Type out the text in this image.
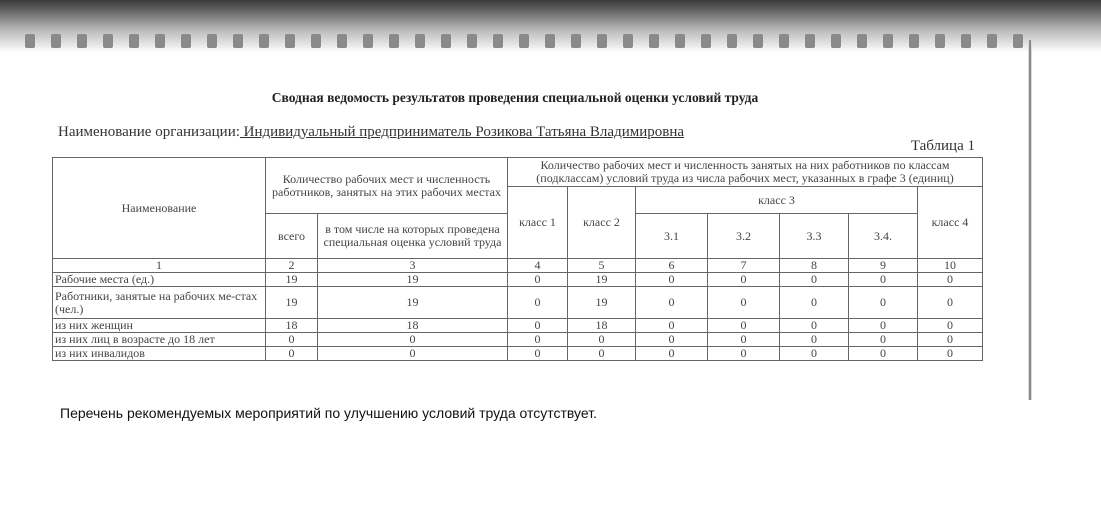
Сводная ведомость результатов проведения специальной оценки условий труда
Наименование организации: Индивидуальный предприниматель Розикова Татьяна Владимировна
Таблица 1
Наименование	Количество рабочих мест и численность работников, занятых на этих рабочих местах		Количество рабочих мест и численность занятых на них работников по классам (подклассам) условий труда из числа рабочих мест, указанных в графе 3 (единиц)						
			класс 1	класс 2	класс 3				класс 4
	всего	в том числе на которых проведена специальная оценка условий труда			3.1	3.2	3.3	3.4.	
1	2	3	4	5	6	7	8	9	10
Рабочие места (ед.)	19	19	0	19	0	0	0	0	0
Работники, занятые на рабочих ме-стах (чел.)	19	19	0	19	0	0	0	0	0
из них женщин	18	18	0	18	0	0	0	0	0
из них лиц в возрасте до 18 лет	0	0	0	0	0	0	0	0	0
из них инвалидов	0	0	0	0	0	0	0	0	0
Перечень рекомендуемых мероприятий по улучшению условий труда отсутствует.
